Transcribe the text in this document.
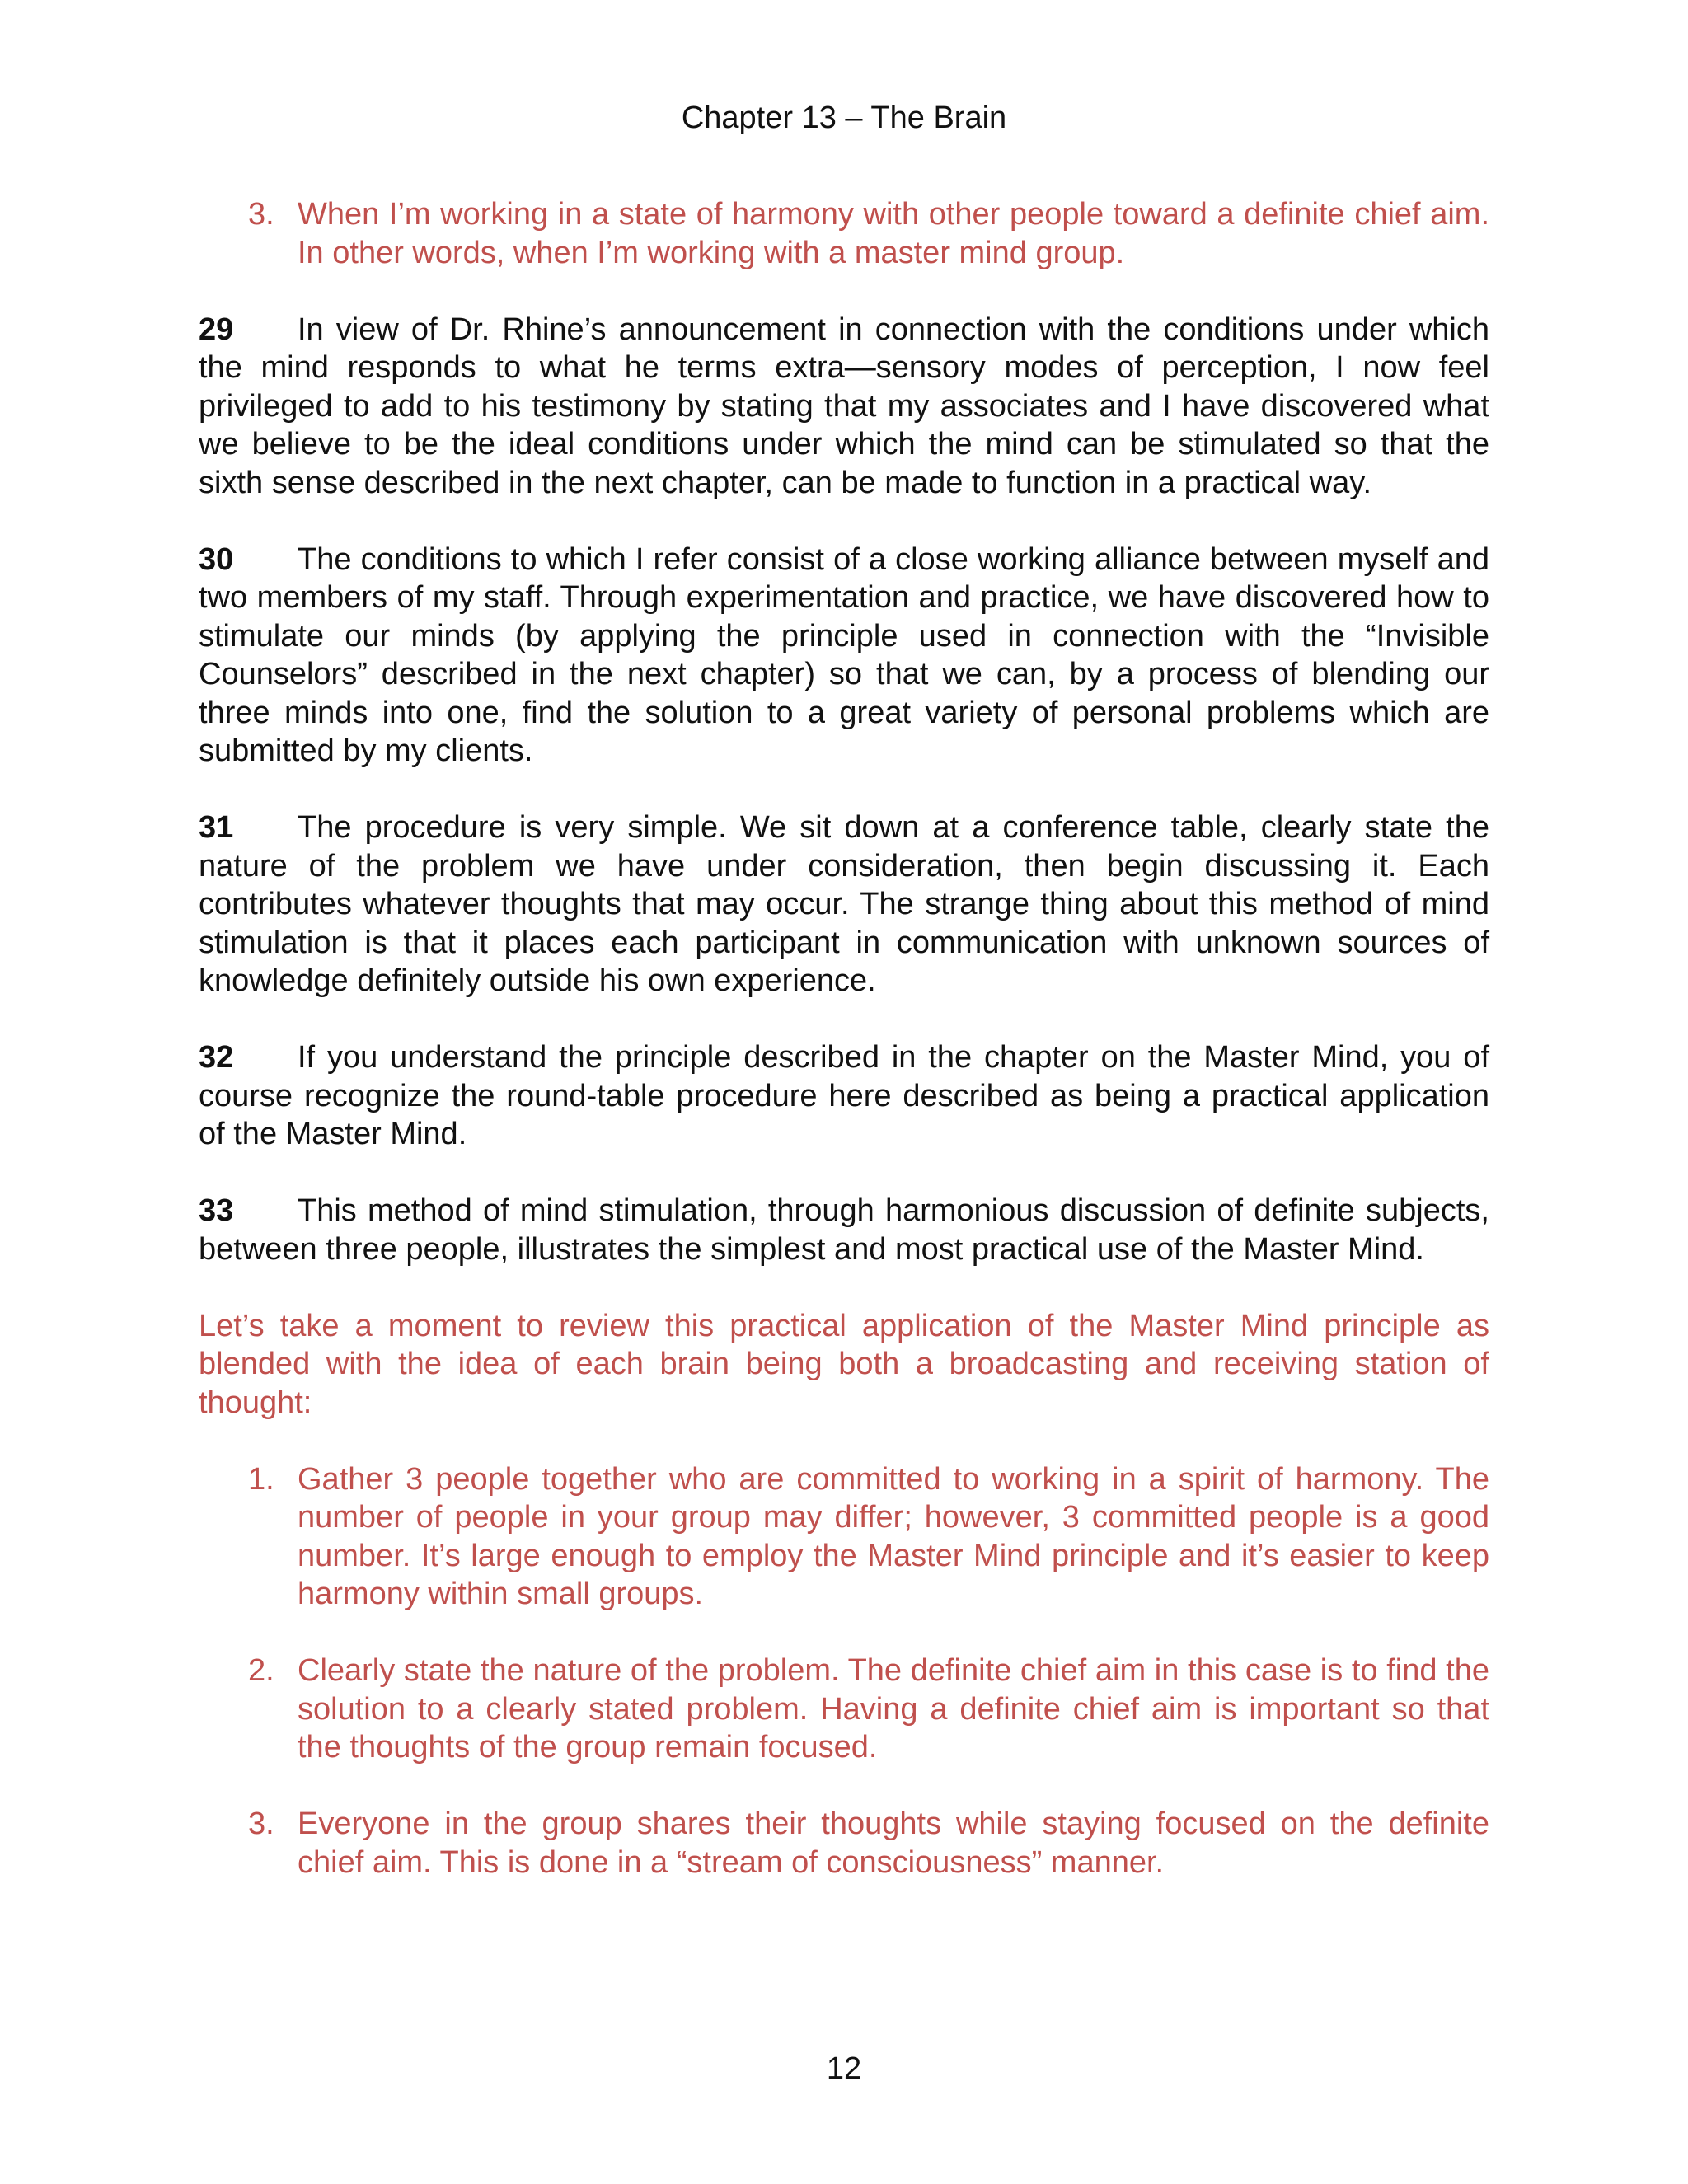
Chapter 13 – The Brain
3. When I’m working in a state of harmony with other people toward a definite chief aim. In other words, when I’m working with a master mind group.
29 In view of Dr. Rhine’s announcement in connection with the conditions under which the mind responds to what he terms extra—sensory modes of perception, I now feel privileged to add to his testimony by stating that my associates and I have discovered what we believe to be the ideal conditions under which the mind can be stimulated so that the sixth sense described in the next chapter, can be made to function in a practical way.
30 The conditions to which I refer consist of a close working alliance between myself and two members of my staff. Through experimentation and practice, we have discovered how to stimulate our minds (by applying the principle used in connection with the “Invisible Counselors” described in the next chapter) so that we can, by a process of blending our three minds into one, find the solution to a great variety of personal problems which are submitted by my clients.
31 The procedure is very simple. We sit down at a conference table, clearly state the nature of the problem we have under consideration, then begin discussing it. Each contributes whatever thoughts that may occur. The strange thing about this method of mind stimulation is that it places each participant in communication with unknown sources of knowledge definitely outside his own experience.
32 If you understand the principle described in the chapter on the Master Mind, you of course recognize the round-table procedure here described as being a practical application of the Master Mind.
33 This method of mind stimulation, through harmonious discussion of definite subjects, between three people, illustrates the simplest and most practical use of the Master Mind.
Let’s take a moment to review this practical application of the Master Mind principle as blended with the idea of each brain being both a broadcasting and receiving station of thought:
1. Gather 3 people together who are committed to working in a spirit of harmony. The number of people in your group may differ; however, 3 committed people is a good number. It’s large enough to employ the Master Mind principle and it’s easier to keep harmony within small groups.
2. Clearly state the nature of the problem. The definite chief aim in this case is to find the solution to a clearly stated problem. Having a definite chief aim is important so that the thoughts of the group remain focused.
3. Everyone in the group shares their thoughts while staying focused on the definite chief aim. This is done in a “stream of consciousness” manner.
12
